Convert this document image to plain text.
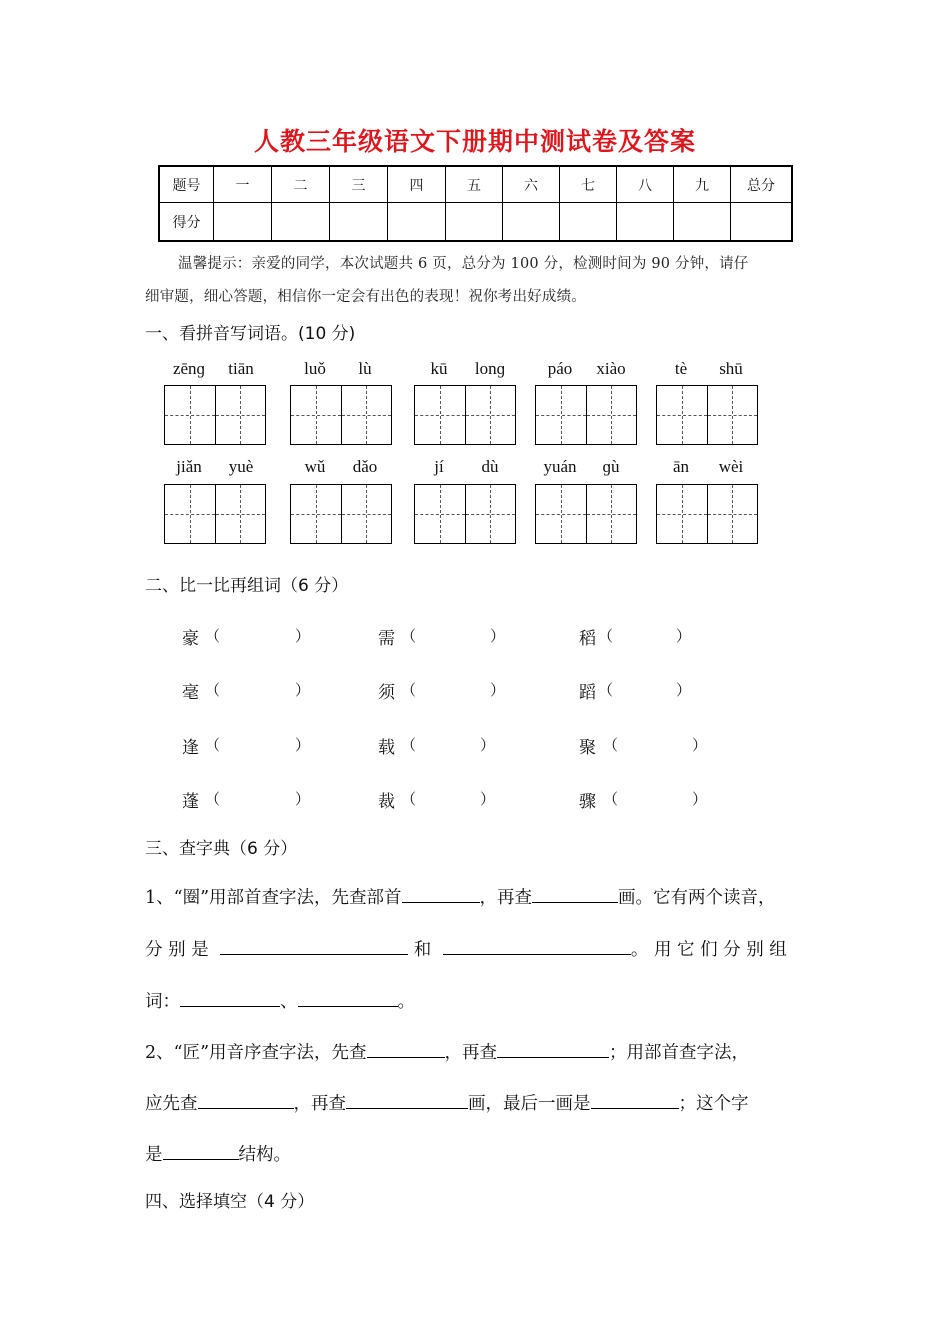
人教三年级语文下册期中测试卷及答案
题号	一	二	三	四	五	六	七	八	九	总分
得分										
温馨提示：亲爱的同学，本次试题共 6 页，总分为 100 分，检测时间为 90 分钟，请仔
细审题，细心答题，相信你一定会有出色的表现！祝你考出好成绩。
一、看拼音写词语。(10 分)
zēnɡ	tiān	luǒ	lù	kū	lonɡ	páo	xiào	tè	shū
jiǎn	yuè	wǔ	dǎo	jí	dù	yuán	ɡù	ān	wèi
二、比一比再组词（6 分）
豪 （	）	需 （	）	稻 （	）
毫 （	）	须 （	）	蹈 （	）
逢 （	）	载 （	）	聚 （	）
蓬 （	）	裁 （	）	骤 （	）
三、查字典（6 分）
1、“圈”用部首查字法，先查部首	，再查	画。它有两个读音，
分 别 是	和	。 用 它 们 分 别 组
词：	、	。
2、“匠”用音序查字法，先查	，再查	；用部首查字法，
应先查	，再查	画，最后一画是	；这个字
是	结构。
四、选择填空（4 分）
